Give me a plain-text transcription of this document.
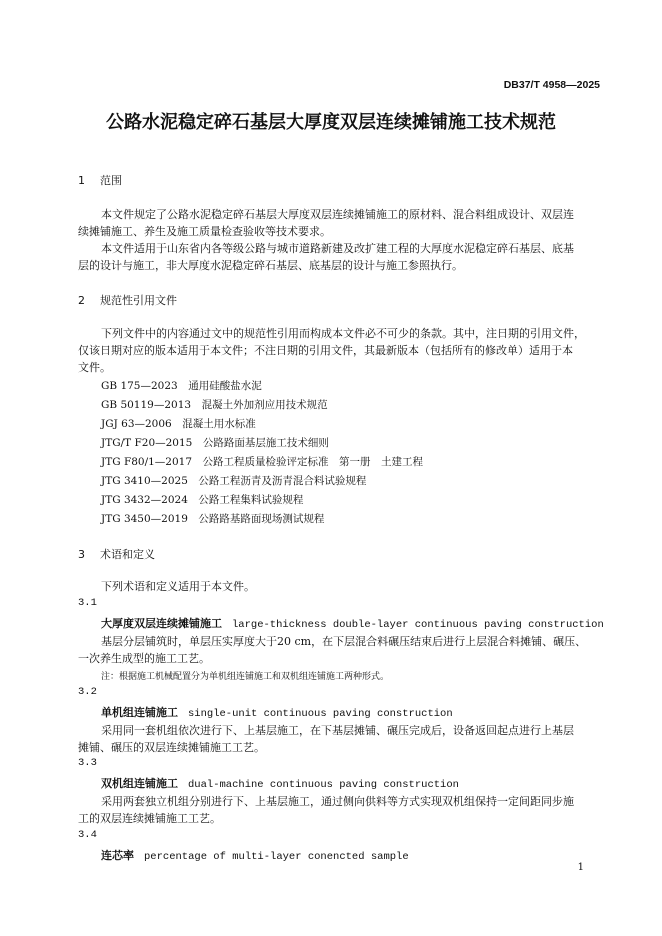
DB37/T 4958—2025
公路水泥稳定碎石基层大厚度双层连续摊铺施工技术规范
1 范围
本文件规定了公路水泥稳定碎石基层大厚度双层连续摊铺施工的原材料、混合料组成设计、双层连
续摊铺施工、养生及施工质量检查验收等技术要求。
本文件适用于山东省内各等级公路与城市道路新建及改扩建工程的大厚度水泥稳定碎石基层、底基
层的设计与施工，非大厚度水泥稳定碎石基层、底基层的设计与施工参照执行。
2 规范性引用文件
下列文件中的内容通过文中的规范性引用而构成本文件必不可少的条款。其中，注日期的引用文件，
仅该日期对应的版本适用于本文件；不注日期的引用文件，其最新版本（包括所有的修改单）适用于本
文件。
GB 175—2023　通用硅酸盐水泥
GB 50119—2013　混凝土外加剂应用技术规范
JGJ 63—2006　混凝土用水标准
JTG/T F20—2015　公路路面基层施工技术细则
JTG F80/1—2017　公路工程质量检验评定标准　第一册　土建工程
JTG 3410—2025　公路工程沥青及沥青混合料试验规程
JTG 3432—2024　公路工程集料试验规程
JTG 3450—2019　公路路基路面现场测试规程
3 术语和定义
下列术语和定义适用于本文件。
3.1
大厚度双层连续摊铺施工 large-thickness double-layer continuous paving construction
基层分层铺筑时，单层压实厚度大于20 cm，在下层混合料碾压结束后进行上层混合料摊铺、碾压、
一次养生成型的施工工艺。
注：根据施工机械配置分为单机组连铺施工和双机组连铺施工两种形式。
3.2
单机组连铺施工 single-unit continuous paving construction
采用同一套机组依次进行下、上基层施工，在下基层摊铺、碾压完成后，设备返回起点进行上基层
摊铺、碾压的双层连续摊铺施工工艺。
3.3
双机组连铺施工 dual-machine continuous paving construction
采用两套独立机组分别进行下、上基层施工，通过侧向供料等方式实现双机组保持一定间距同步施
工的双层连续摊铺施工工艺。
3.4
连芯率 percentage of multi-layer conencted sample
1
